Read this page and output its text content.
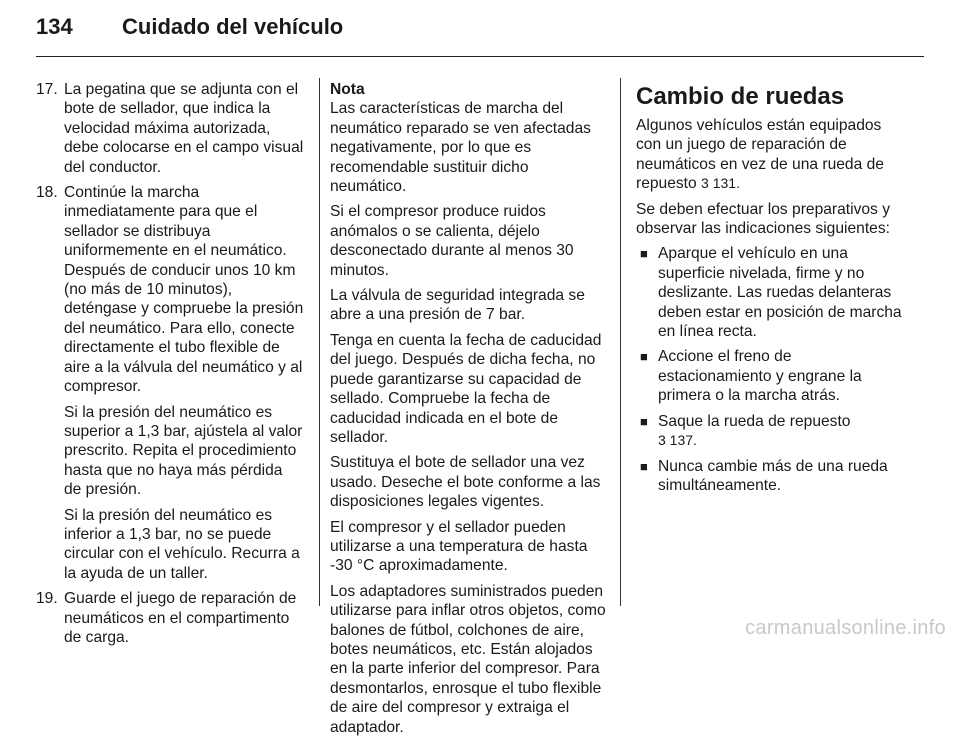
134	Cuidado del vehículo
17. La pegatina que se adjunta con el bote de sellador, que indica la velocidad máxima autorizada, debe colocarse en el campo visual del conductor.
18. Continúe la marcha inmediatamente para que el sellador se distribuya uniformemente en el neumático. Después de conducir unos 10 km (no más de 10 minutos), deténgase y compruebe la presión del neumático. Para ello, conecte directamente el tubo flexible de aire a la válvula del neumático y al compresor.

Si la presión del neumático es superior a 1,3 bar, ajústela al valor prescrito. Repita el procedimiento hasta que no haya más pérdida de presión.

Si la presión del neumático es inferior a 1,3 bar, no se puede circular con el vehículo. Recurra a la ayuda de un taller.

19. Guarde el juego de reparación de neumáticos en el compartimento de carga.
Nota

Las características de marcha del neumático reparado se ven afectadas negativamente, por lo que es recomendable sustituir dicho neumático.

Si el compresor produce ruidos anómalos o se calienta, déjelo desconectado durante al menos 30 minutos.

La válvula de seguridad integrada se abre a una presión de 7 bar.

Tenga en cuenta la fecha de caducidad del juego. Después de dicha fecha, no puede garantizarse su capacidad de sellado. Compruebe la fecha de caducidad indicada en el bote de sellador.

Sustituya el bote de sellador una vez usado. Deseche el bote conforme a las disposiciones legales vigentes.

El compresor y el sellador pueden utilizarse a una temperatura de hasta -30 °C aproximadamente.

Los adaptadores suministrados pueden utilizarse para inflar otros objetos, como balones de fútbol, colchones de aire, botes neumáticos, etc. Están alojados en la parte inferior del compresor. Para desmontarlos, enrosque el tubo flexible de aire del compresor y extraiga el adaptador.

Cambio de ruedas

Algunos vehículos están equipados con un juego de reparación de neumáticos en vez de una rueda de repuesto 3 131.

Se deben efectuar los preparativos y observar las indicaciones siguientes:

■ Aparque el vehículo en una superficie nivelada, firme y no deslizante. Las ruedas delanteras deben estar en posición de marcha en línea recta.
■ Accione el freno de estacionamiento y engrane la primera o la marcha atrás.
■ Saque la rueda de repuesto
3 137.
■ Nunca cambie más de una rueda simultáneamente.
carmanualsonline.info
